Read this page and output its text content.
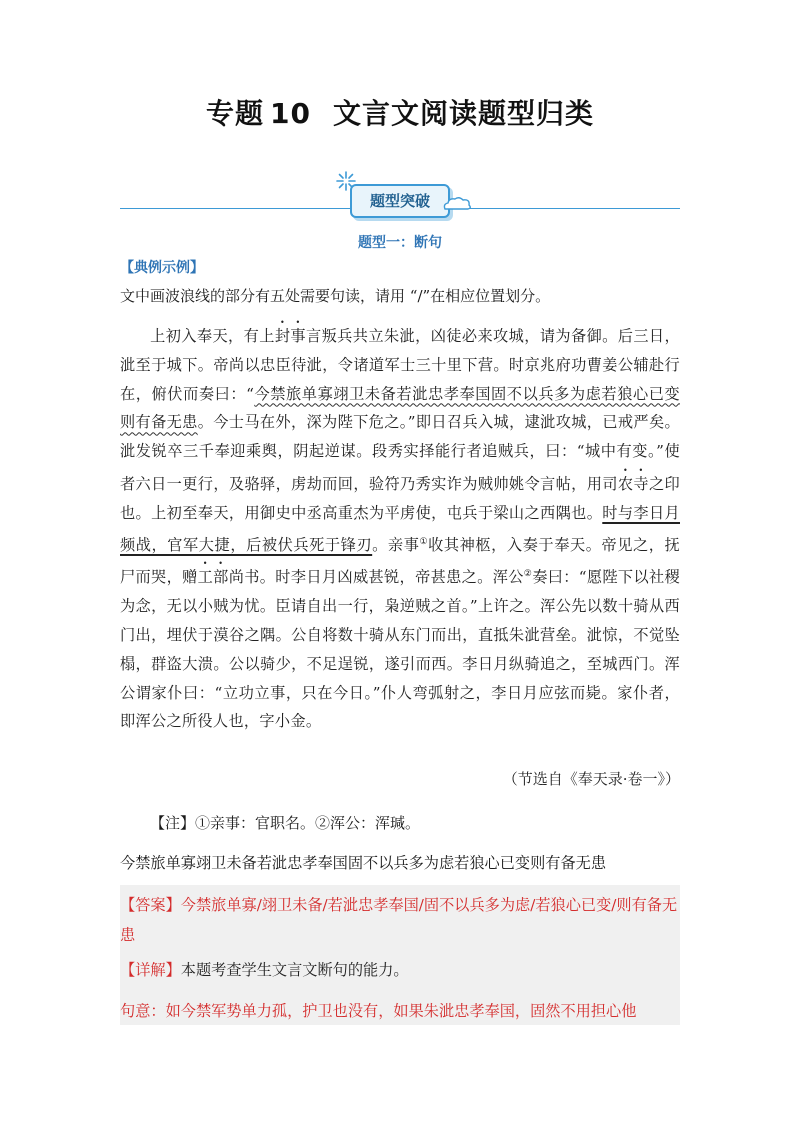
专题 10 文言文阅读题型归类
题型突破
题型一：断句
【典例示例】
文中画波浪线的部分有五处需要句读，请用 “/”在相应位置划分。
上初入奉天，有上封事言叛兵共立朱泚，凶徒必来攻城，请为备御。后三日，泚至于城下。帝尚以忠臣待泚，令诸道军士三十里下营。时京兆府功曹姜公辅赴行在，俯伏而奏曰：“今禁旅单寡翊卫未备若泚忠孝奉国固不以兵多为虑若狼心已变则有备无患。今士马在外，深为陛下危之。”即日召兵入城，逮泚攻城，已戒严矣。泚发锐卒三千奉迎乘舆，阴起逆谋。段秀实择能行者追贼兵，曰：“城中有变。”使者六日一更行，及骆驿，虏劫而回，验符乃秀实诈为贼帅姚令言帖，用司农寺之印也。上初至奉天，用御史中丞高重杰为平虏使，屯兵于梁山之西隅也。时与李日月频战，官军大捷，后被伏兵死于锋刃。亲事①收其神柩，入奏于奉天。帝见之，抚尸而哭，赠工部尚书。时李日月凶威甚锐，帝甚患之。浑公②奏曰：“愿陛下以社稷为念，无以小贼为忧。臣请自出一行，枭逆贼之首。”上许之。浑公先以数十骑从西门出，埋伏于漠谷之隅。公自将数十骑从东门而出，直抵朱泚营垒。泚惊，不觉坠榻，群盗大溃。公以骑少，不足逞锐，遂引而西。李日月纵骑追之，至城西门。浑公谓家仆曰：“立功立事，只在今日。”仆人弯弧射之，李日月应弦而毙。家仆者，即浑公之所役人也，字小金。
（节选自《奉天录·卷一》）
【注】①亲事：官职名。②浑公：浑瑊。
今禁旅单寡翊卫未备若泚忠孝奉国固不以兵多为虑若狼心已变则有备无患
【答案】今禁旅单寡/翊卫未备/若泚忠孝奉国/固不以兵多为虑/若狼心已变/则有备无患
【详解】本题考查学生文言文断句的能力。
句意：如今禁军势单力孤，护卫也没有，如果朱泚忠孝奉国，固然不用担心他
